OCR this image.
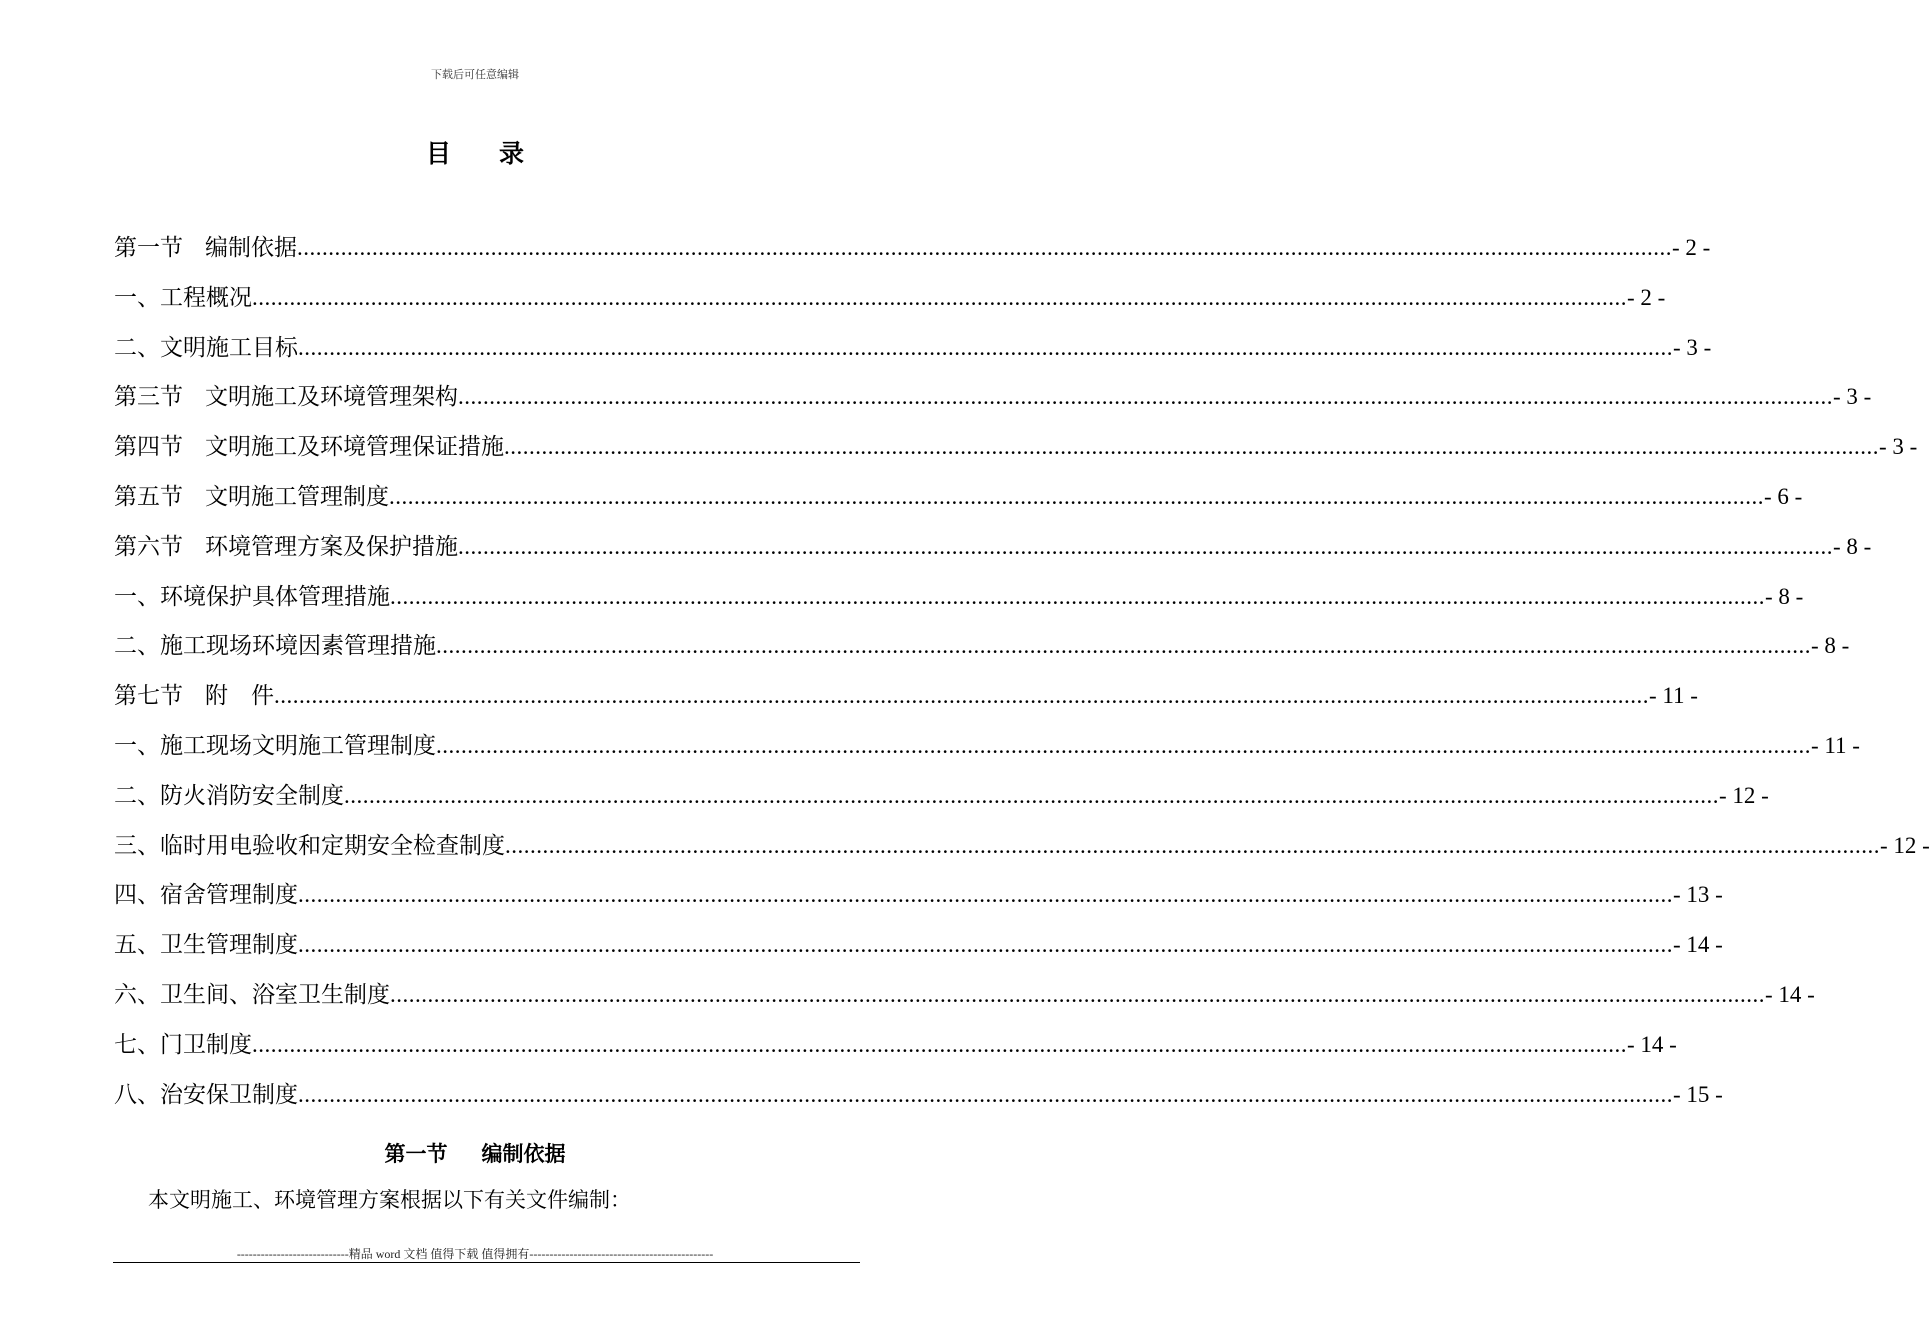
下载后可任意编辑
目录
第一节 编制依据 ............................................................................................................................................................................................................................ - 2 -
一、工程概况 ............................................................................................................................................................................................................................ - 2 -
二、文明施工目标 ............................................................................................................................................................................................................................ - 3 -
第三节 文明施工及环境管理架构 ............................................................................................................................................................................................................................ - 3 -
第四节 文明施工及环境管理保证措施 ............................................................................................................................................................................................................................ - 3 -
第五节 文明施工管理制度 ............................................................................................................................................................................................................................ - 6 -
第六节 环境管理方案及保护措施 ............................................................................................................................................................................................................................ - 8 -
一、环境保护具体管理措施 ............................................................................................................................................................................................................................ - 8 -
二、施工现场环境因素管理措施 ............................................................................................................................................................................................................................ - 8 -
第七节 附　件 ............................................................................................................................................................................................................................ - 11 -
一、施工现场文明施工管理制度 ............................................................................................................................................................................................................................ - 11 -
二、防火消防安全制度 ............................................................................................................................................................................................................................ - 12 -
三、临时用电验收和定期安全检查制度 ............................................................................................................................................................................................................................ - 12 -
四、宿舍管理制度 ............................................................................................................................................................................................................................ - 13 -
五、卫生管理制度 ............................................................................................................................................................................................................................ - 14 -
六、卫生间、浴室卫生制度 ............................................................................................................................................................................................................................ - 14 -
七、门卫制度 ............................................................................................................................................................................................................................ - 14 -
八、治安保卫制度 ............................................................................................................................................................................................................................ - 15 -
第一节 编制依据
本文明施工、环境管理方案根据以下有关文件编制：
----------------------------精品 word 文档 值得下载 值得拥有----------------------------------------------
